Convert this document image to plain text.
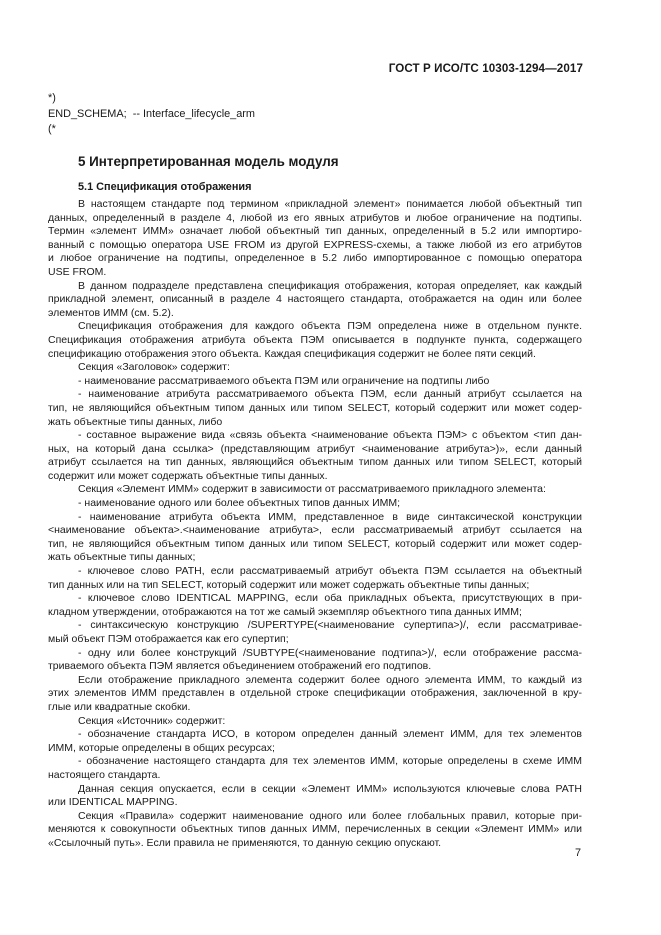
ГОСТ Р ИСО/ТС 10303-1294—2017
*)
END_SCHEMA;  -- Interface_lifecycle_arm
(*
5 Интерпретированная модель модуля
5.1 Спецификация отображения

В настоящем стандарте под термином «прикладной элемент» понимается любой объектный тип

данных, определенный в разделе 4, любой из его явных атрибутов и любое ограничение на подтипы.

Термин «элемент ИММ» означает любой объектный тип данных, определенный в 5.2 или импортиро-

ванный с помощью оператора USE FROM из другой EXPRESS-схемы, а также любой из его атрибутов

и любое ограничение на подтипы, определенное в 5.2 либо импортированное с помощью оператора

USE FROM.

В данном подразделе представлена спецификация отображения, которая определяет, как каждый

прикладной элемент, описанный в разделе 4 настоящего стандарта, отображается на один или более

элементов ИММ (см. 5.2).

Спецификация отображения для каждого объекта ПЭМ определена ниже в отдельном пункте.

Спецификация отображения атрибута объекта ПЭМ описывается в подпункте пункта, содержащего

спецификацию отображения этого объекта. Каждая спецификация содержит не более пяти секций.

Секция «Заголовок» содержит:

- наименование рассматриваемого объекта ПЭМ или ограничение на подтипы либо

- наименование атрибута рассматриваемого объекта ПЭМ, если данный атрибут ссылается на

тип, не являющийся объектным типом данных или типом SELECT, который содержит или может содер-

жать объектные типы данных, либо

- составное выражение вида «связь объекта <наименование объекта ПЭМ> с объектом <тип дан-

ных, на который дана ссылка> (представляющим атрибут <наименование атрибута>)», если данный

атрибут ссылается на тип данных, являющийся объектным типом данных или типом SELECT, который

содержит или может содержать объектные типы данных.

Секция «Элемент ИММ» содержит в зависимости от рассматриваемого прикладного элемента:

- наименование одного или более объектных типов данных ИММ;

- наименование атрибута объекта ИММ, представленное в виде синтаксической конструкции

<наименование объекта>.<наименование атрибута>, если рассматриваемый атрибут ссылается на

тип, не являющийся объектным типом данных или типом SELECT, который содержит или может содер-

жать объектные типы данных;

- ключевое слово PATH, если рассматриваемый атрибут объекта ПЭМ ссылается на объектный

тип данных или на тип SELECT, который содержит или может содержать объектные типы данных;

- ключевое слово IDENTICAL MAPPING, если оба прикладных объекта, присутствующих в при-

кладном утверждении, отображаются на тот же самый экземпляр объектного типа данных ИММ;

- синтаксическую конструкцию /SUPERTYPE(<наименование супертипа>)/, если рассматривае-

мый объект ПЭМ отображается как его супертип;

- одну или более конструкций /SUBTYPE(<наименование подтипа>)/, если отображение рассма-

триваемого объекта ПЭМ является объединением отображений его подтипов.

Если отображение прикладного элемента содержит более одного элемента ИММ, то каждый из

этих элементов ИММ представлен в отдельной строке спецификации отображения, заключенной в кру-

глые или квадратные скобки.

Секция «Источник» содержит:

- обозначение стандарта ИСО, в котором определен данный элемент ИММ, для тех элементов

ИММ, которые определены в общих ресурсах;

- обозначение настоящего стандарта для тех элементов ИММ, которые определены в схеме ИММ

настоящего стандарта.

Данная секция опускается, если в секции «Элемент ИММ» используются ключевые слова PATH

или IDENTICAL MAPPING.

Секция «Правила» содержит наименование одного или более глобальных правил, которые при-

меняются к совокупности объектных типов данных ИММ, перечисленных в секции «Элемент ИММ» или

«Ссылочный путь». Если правила не применяются, то данную секцию опускают.

7
